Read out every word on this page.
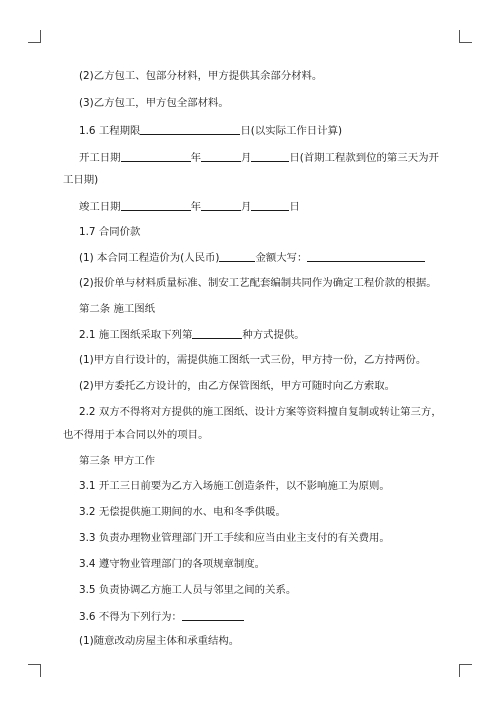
(2)乙方包工、包部分材料，甲方提供其余部分材料。
(3)乙方包工，甲方包全部材料。
1.6 工程期限	日(以实际工作日计算)
开工日期	年	月	日(首期工程款到位的第三天为开
工日期)
竣工日期	年	月	日
1.7 合同价款
(1) 本合同工程造价为(人民币)	金额大写：
(2)报价单与材料质量标准、制安工艺配套编制共同作为确定工程价款的根据。
第二条 施工图纸
2.1 施工图纸采取下列第	种方式提供。
(1)甲方自行设计的，需提供施工图纸一式三份，甲方持一份，乙方持两份。
(2)甲方委托乙方设计的，由乙方保管图纸，甲方可随时向乙方索取。
2.2 双方不得将对方提供的施工图纸、设计方案等资料擅自复制或转让第三方，
也不得用于本合同以外的项目。
第三条 甲方工作
3.1 开工三日前要为乙方入场施工创造条件，以不影响施工为原则。
3.2 无偿提供施工期间的水、电和冬季供暖。
3.3 负责办理物业管理部门开工手续和应当由业主支付的有关费用。
3.4 遵守物业管理部门的各项规章制度。
3.5 负责协调乙方施工人员与邻里之间的关系。
3.6 不得为下列行为：
(1)随意改动房屋主体和承重结构。
